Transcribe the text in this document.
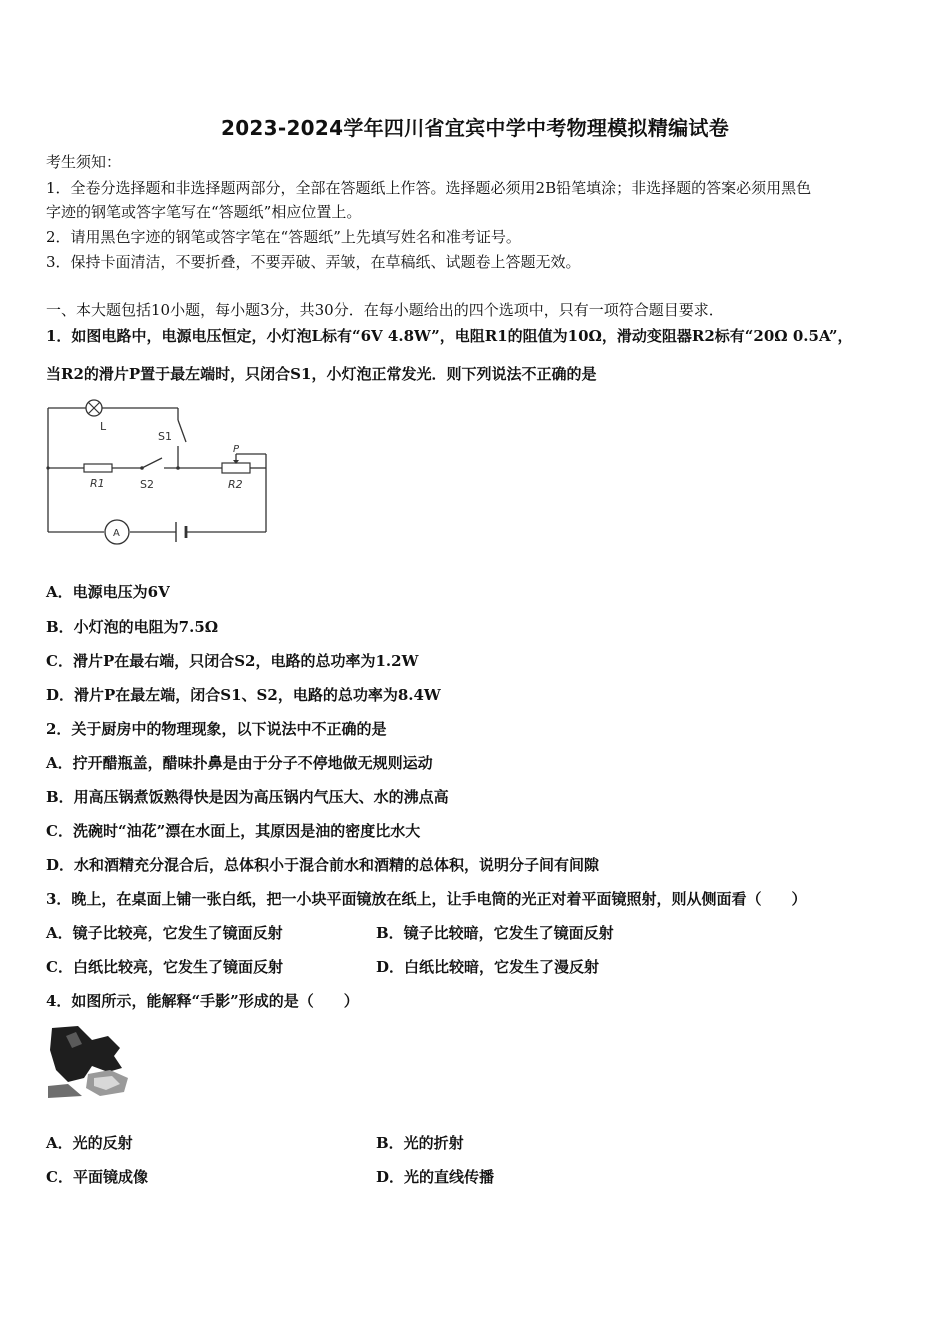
2023-2024学年四川省宜宾中学中考物理模拟精编试卷
考生须知：
1．全卷分选择题和非选择题两部分，全部在答题纸上作答。选择题必须用2B铅笔填涂；非选择题的答案必须用黑色
字迹的钢笔或答字笔写在“答题纸”相应位置上。
2．请用黑色字迹的钢笔或答字笔在“答题纸”上先填写姓名和准考证号。
3．保持卡面清洁，不要折叠，不要弄破、弄皱，在草稿纸、试题卷上答题无效。
一、本大题包括10小题，每小题3分，共30分．在每小题给出的四个选项中，只有一项符合题目要求．
1．如图电路中，电源电压恒定，小灯泡L标有“6V 4.8W”，电阻R1的阻值为10Ω，滑动变阻器R2标有“20Ω 0.5A”，
当R2的滑片P置于最左端时，只闭合S1，小灯泡正常发光．则下列说法不正确的是
L
S1
R1	S2
P
R2
A
A．电源电压为6V
B．小灯泡的电阻为7.5Ω
C．滑片P在最右端，只闭合S2，电路的总功率为1.2W
D．滑片P在最左端，闭合S1、S2，电路的总功率为8.4W
2．关于厨房中的物理现象，以下说法中不正确的是
A．拧开醋瓶盖，醋味扑鼻是由于分子不停地做无规则运动
B．用高压锅煮饭熟得快是因为高压锅内气压大、水的沸点高
C．洗碗时“油花”漂在水面上，其原因是油的密度比水大
D．水和酒精充分混合后，总体积小于混合前水和酒精的总体积，说明分子间有间隙
3．晚上，在桌面上铺一张白纸，把一小块平面镜放在纸上，让手电筒的光正对着平面镜照射，则从侧面看（　　）
A．镜子比较亮，它发生了镜面反射	B．镜子比较暗，它发生了镜面反射
C．白纸比较亮，它发生了镜面反射	D．白纸比较暗，它发生了漫反射
4．如图所示，能解释“手影”形成的是（　　）
A．光的反射	B．光的折射
C．平面镜成像	D．光的直线传播
